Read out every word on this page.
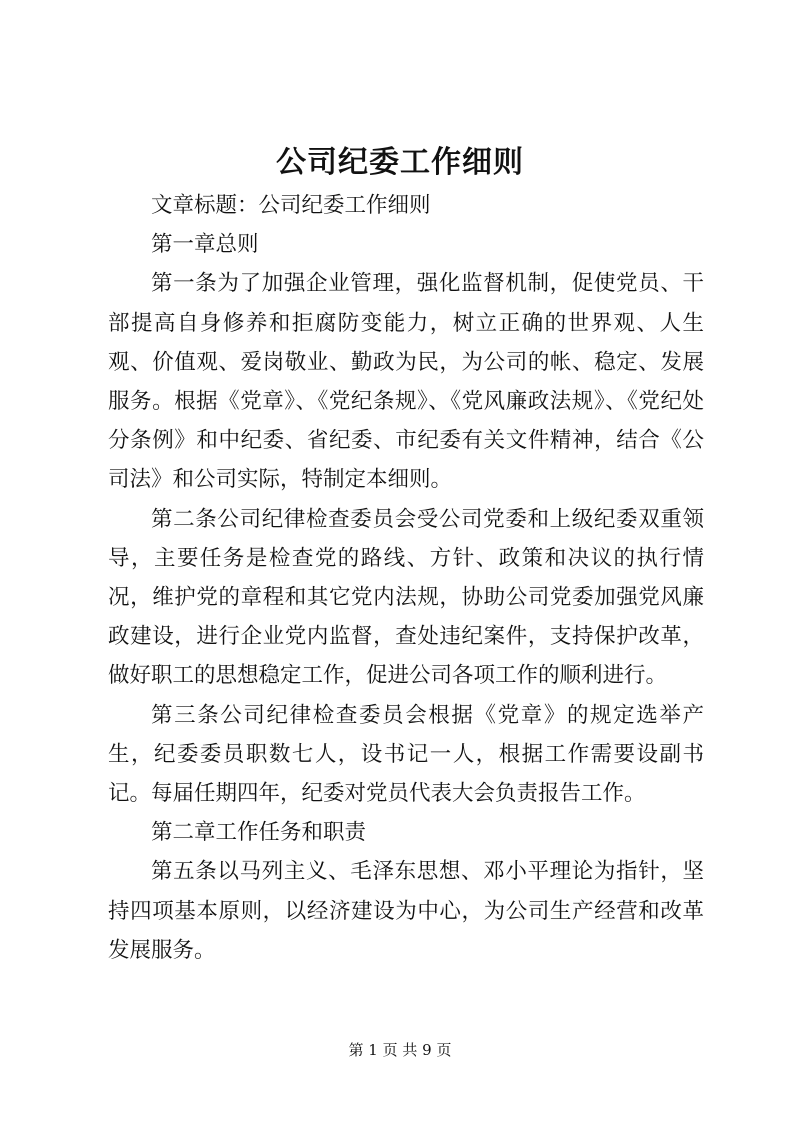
公司纪委工作细则

文章标题：公司纪委工作细则

第一章总则

第一条为了加强企业管理，强化监督机制，促使党员、干部提高自身修养和拒腐防变能力，树立正确的世界观、人生观、价值观、爱岗敬业、勤政为民，为公司的帐、稳定、发展服务。根据《党章》、《党纪条规》、《党风廉政法规》、《党纪处分条例》和中纪委、省纪委、市纪委有关文件精神，结合《公司法》和公司实际，特制定本细则。

第二条公司纪律检查委员会受公司党委和上级纪委双重领导，主要任务是检查党的路线、方针、政策和决议的执行情况，维护党的章程和其它党内法规，协助公司党委加强党风廉政建设，进行企业党内监督，查处违纪案件，支持保护改革，做好职工的思想稳定工作，促进公司各项工作的顺利进行。

第三条公司纪律检查委员会根据《党章》的规定选举产生，纪委委员职数七人，设书记一人，根据工作需要设副书记。每届任期四年，纪委对党员代表大会负责报告工作。

第二章工作任务和职责

第五条以马列主义、毛泽东思想、邓小平理论为指针，坚持四项基本原则，以经济建设为中心，为公司生产经营和改革发展服务。

第 1 页 共 9 页
